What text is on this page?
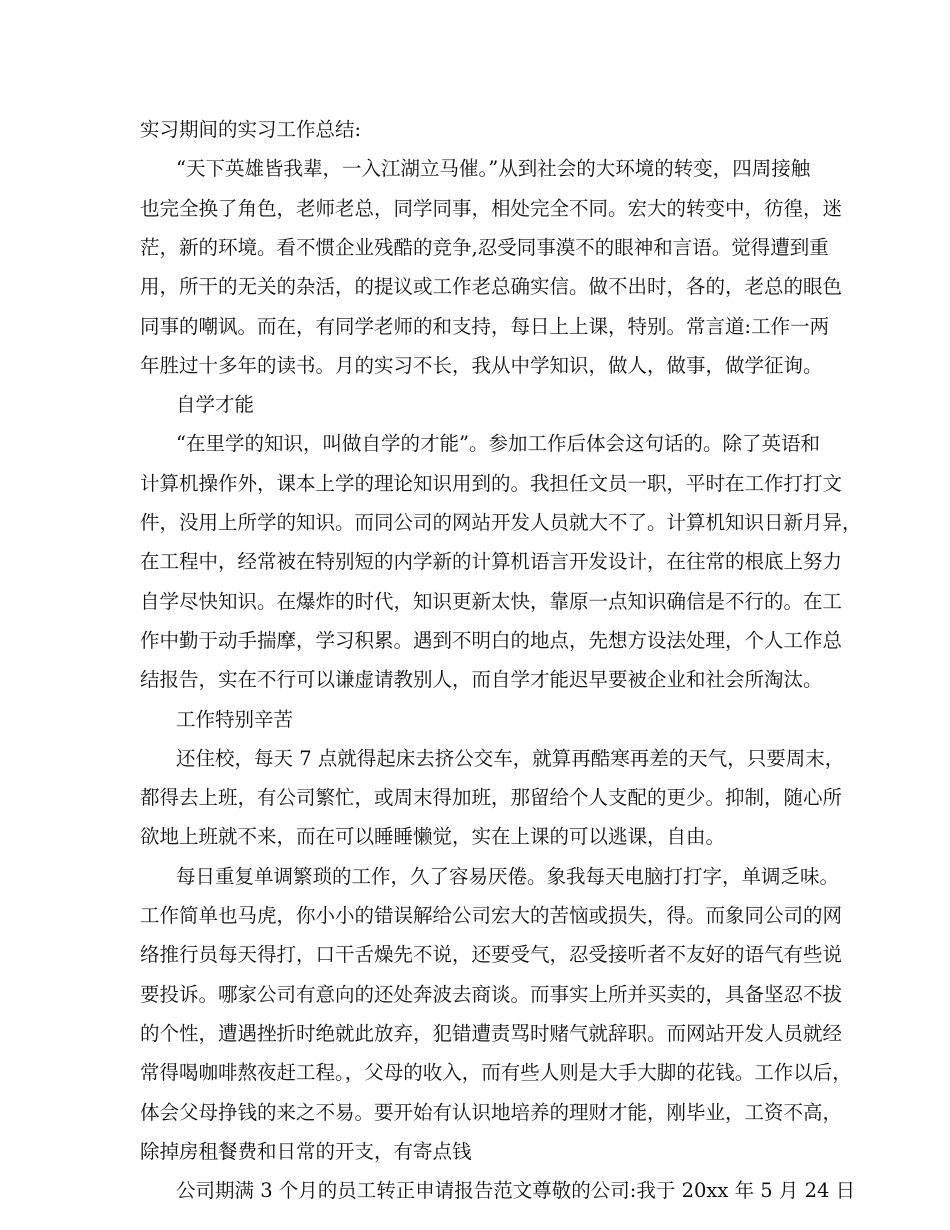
实习期间的实习工作总结:
“天下英雄皆我辈，一入江湖立马催。”从到社会的大环境的转变，四周接触
也完全换了角色，老师老总，同学同事，相处完全不同。宏大的转变中，彷徨，迷
茫，新的环境。看不惯企业残酷的竞争,忍受同事漠不的眼神和言语。觉得遭到重
用，所干的无关的杂活，的提议或工作老总确实信。做不出时，各的，老总的眼色
同事的嘲讽。而在，有同学老师的和支持，每日上上课，特别。常言道:工作一两
年胜过十多年的读书。月的实习不长，我从中学知识，做人，做事，做学征询。
自学才能
“在里学的知识，叫做自学的才能”。参加工作后体会这句话的。除了英语和
计算机操作外，课本上学的理论知识用到的。我担任文员一职，平时在工作打打文
件，没用上所学的知识。而同公司的网站开发人员就大不了。计算机知识日新月异，
在工程中，经常被在特别短的内学新的计算机语言开发设计，在往常的根底上努力
自学尽快知识。在爆炸的时代，知识更新太快，靠原一点知识确信是不行的。在工
作中勤于动手揣摩，学习积累。遇到不明白的地点，先想方设法处理，个人工作总
结报告，实在不行可以谦虚请教别人，而自学才能迟早要被企业和社会所淘汰。
工作特别辛苦
还住校，每天 7 点就得起床去挤公交车，就算再酷寒再差的天气，只要周末，
都得去上班，有公司繁忙，或周末得加班，那留给个人支配的更少。抑制，随心所
欲地上班就不来，而在可以睡睡懒觉，实在上课的可以逃课，自由。
每日重复单调繁琐的工作，久了容易厌倦。象我每天电脑打打字，单调乏味。
工作简单也马虎，你小小的错误解给公司宏大的苦恼或损失，得。而象同公司的网
络推行员每天得打，口干舌燥先不说，还要受气，忍受接听者不友好的语气有些说
要投诉。哪家公司有意向的还处奔波去商谈。而事实上所并买卖的，具备坚忍不拔
的个性，遭遇挫折时绝就此放弃，犯错遭责骂时赌气就辞职。而网站开发人员就经
常得喝咖啡熬夜赶工程。，父母的收入，而有些人则是大手大脚的花钱。工作以后，
体会父母挣钱的来之不易。要开始有认识地培养的理财才能，刚毕业，工资不高，
除掉房租餐费和日常的开支，有寄点钱
公司期满 3 个月的员工转正申请报告范文尊敬的公司:我于 20xx 年 5 月 24 日
